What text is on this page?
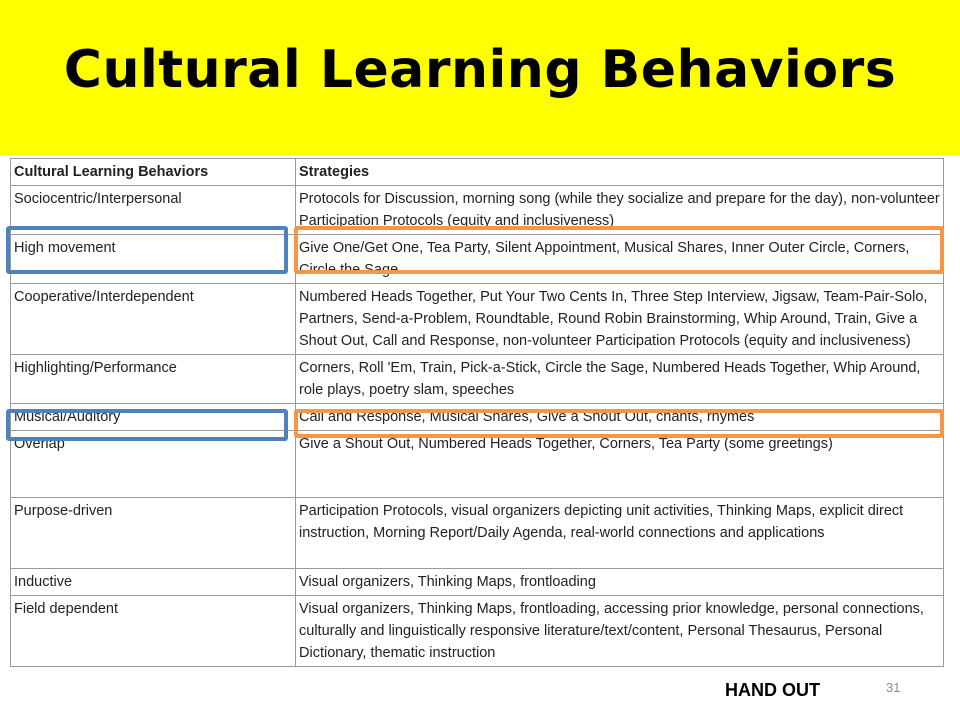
Cultural Learning Behaviors
Cultural Learning Behaviors	Strategies
Sociocentric/Interpersonal	Protocols for Discussion, morning song (while they socialize and prepare for the day), non-volunteer Participation Protocols (equity and inclusiveness)
High movement	Give One/Get One, Tea Party, Silent Appointment, Musical Shares, Inner Outer Circle, Corners, Circle the Sage
Cooperative/Interdependent	Numbered Heads Together, Put Your Two Cents In, Three Step Interview, Jigsaw, Team-Pair-Solo, Partners, Send-a-Problem, Roundtable, Round Robin Brainstorming, Whip Around, Train, Give a Shout Out, Call and Response, non-volunteer Participation Protocols (equity and inclusiveness)
Highlighting/Performance	Corners, Roll 'Em, Train, Pick-a-Stick, Circle the Sage, Numbered Heads Together, Whip Around, role plays, poetry slam, speeches
Musical/Auditory	Call and Response, Musical Shares, Give a Shout Out, chants, rhymes
Overlap	Give a Shout Out, Numbered Heads Together, Corners, Tea Party (some greetings)
Purpose-driven	Participation Protocols, visual organizers depicting unit activities, Thinking Maps, explicit direct instruction, Morning Report/Daily Agenda, real-world connections and applications
Inductive	Visual organizers, Thinking Maps, frontloading
Field dependent	Visual organizers, Thinking Maps, frontloading, accessing prior knowledge, personal connections, culturally and linguistically responsive literature/text/content, Personal Thesaurus, Personal Dictionary, thematic instruction
HAND OUT	31
